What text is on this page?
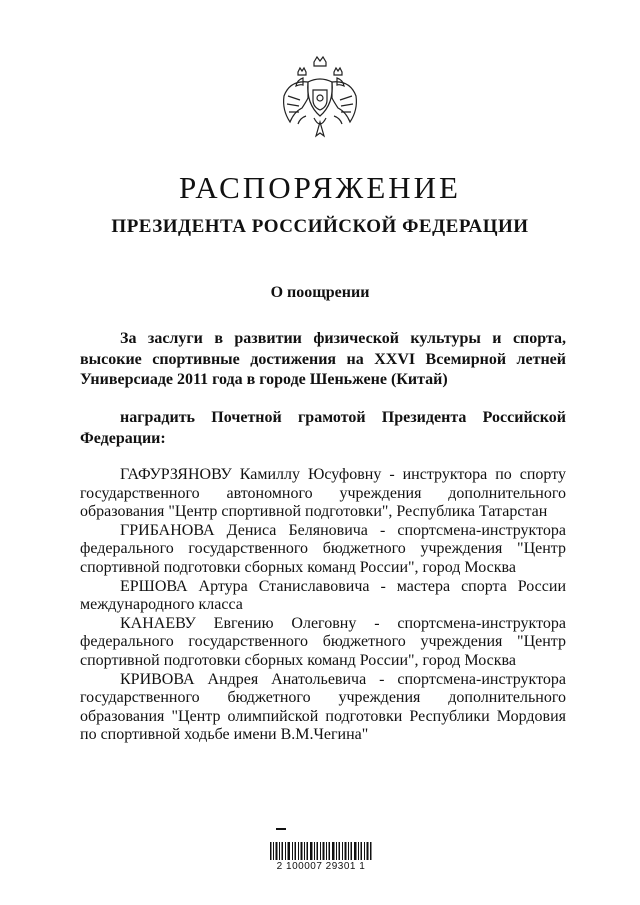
РАСПОРЯЖЕНИЕ
ПРЕЗИДЕНТА РОССИЙСКОЙ ФЕДЕРАЦИИ
О поощрении
За заслуги в развитии физической культуры и спорта,
высокие спортивные достижения на XXVI Всемирной летней
Универсиаде 2011 года в городе Шеньжене (Китай)
наградить Почетной грамотой Президента Российской
Федерации:
ГАФУРЗЯНОВУ Камиллу Юсуфовну - инструктора по спорту
государственного автономного учреждения дополнительного
образования "Центр спортивной подготовки", Республика Татарстан
ГРИБАНОВА Дениса Беляновича - спортсмена-инструктора
федерального государственного бюджетного учреждения "Центр
спортивной подготовки сборных команд России", город Москва
ЕРШОВА Артура Станиславовича - мастера спорта России
международного класса
КАНАЕВУ Евгению Олеговну - спортсмена-инструктора
федерального государственного бюджетного учреждения "Центр
спортивной подготовки сборных команд России", город Москва
КРИВОВА Андрея Анатольевича - спортсмена-инструктора
государственного бюджетного учреждения дополнительного
образования "Центр олимпийской подготовки Республики Мордовия
по спортивной ходьбе имени В.М.Чегина"
2 100007 29301 1
